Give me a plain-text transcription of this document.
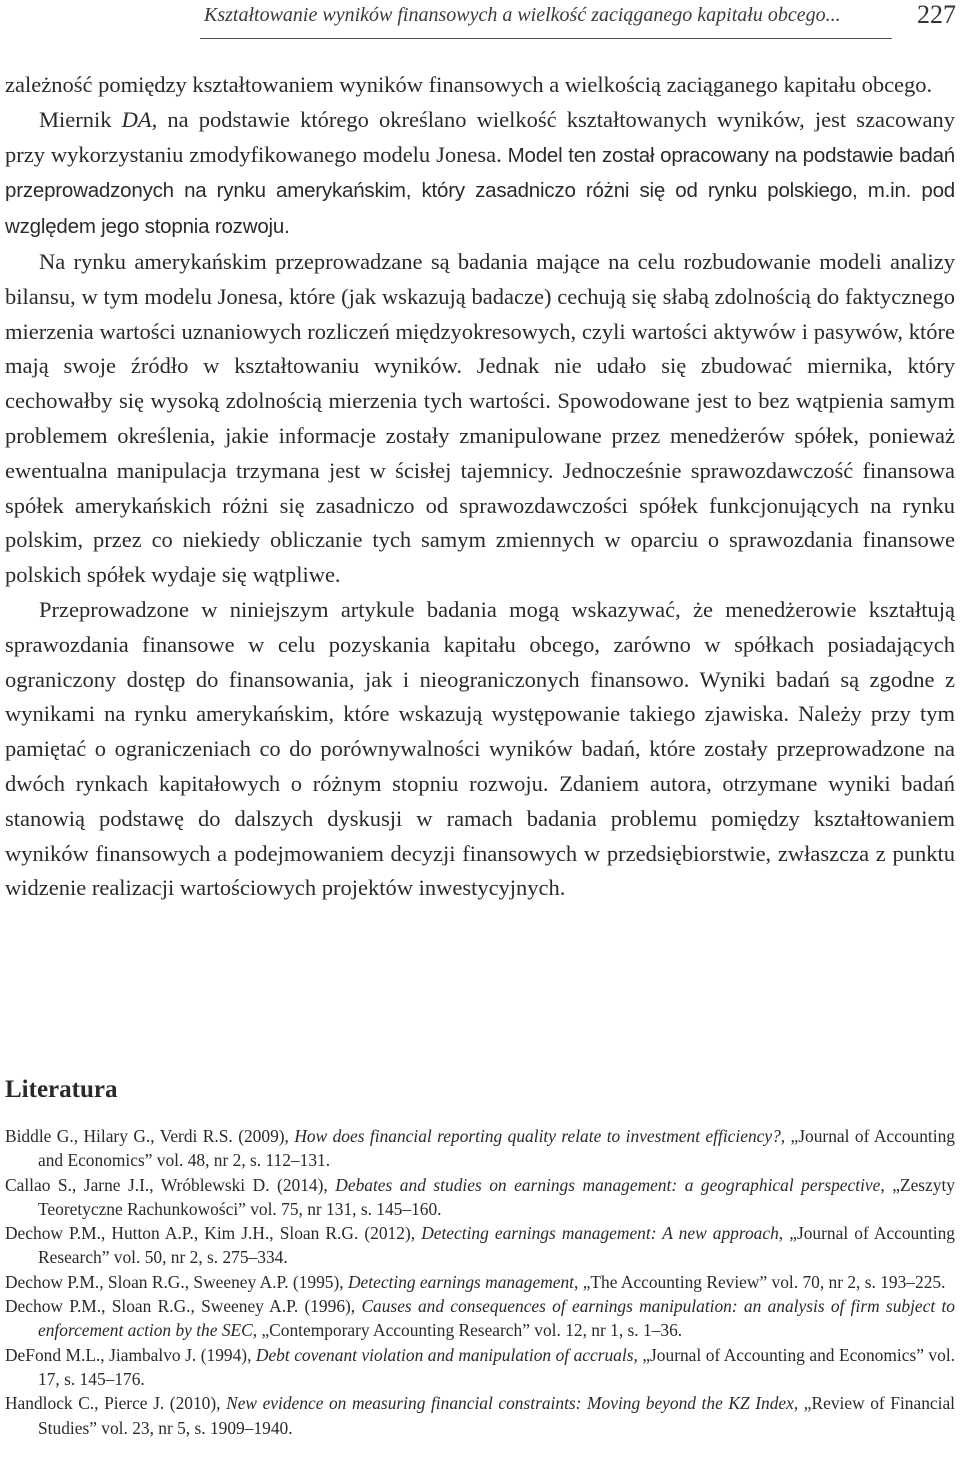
Kształtowanie wyników finansowych a wielkość zaciąganego kapitału obcego...	227

zależność pomiędzy kształtowaniem wyników finansowych a wielkością zaciąganego kapitału obcego.

Miernik DA, na podstawie którego określano wielkość kształtowanych wyników, jest szacowany przy wykorzystaniu zmodyfikowanego modelu Jonesa. Model ten został opracowany na podstawie badań przeprowadzonych na rynku amerykańskim, który zasadniczo różni się od rynku polskiego, m.in. pod względem jego stopnia rozwoju.

Na rynku amerykańskim przeprowadzane są badania mające na celu rozbudowanie modeli analizy bilansu, w tym modelu Jonesa, które (jak wskazują badacze) cechują się słabą zdolnością do faktycznego mierzenia wartości uznaniowych rozliczeń międzyokresowych, czyli wartości aktywów i pasywów, które mają swoje źródło w kształtowaniu wyników. Jednak nie udało się zbudować miernika, który cechowałby się wysoką zdolnością mierzenia tych wartości. Spowodowane jest to bez wątpienia samym problemem określenia, jakie informacje zostały zmanipulowane przez menedżerów spółek, ponieważ ewentualna manipulacja trzymana jest w ścisłej tajemnicy. Jednocześnie sprawozdawczość finansowa spółek amerykańskich różni się zasadniczo od sprawozdawczości spółek funkcjonujących na rynku polskim, przez co niekiedy obliczanie tych samym zmiennych w oparciu o sprawozdania finansowe polskich spółek wydaje się wątpliwe.

Przeprowadzone w niniejszym artykule badania mogą wskazywać, że menedżerowie kształtują sprawozdania finansowe w celu pozyskania kapitału obcego, zarówno w spółkach posiadających ograniczony dostęp do finansowania, jak i nieograniczonych finansowo. Wyniki badań są zgodne z wynikami na rynku amerykańskim, które wskazują występowanie takiego zjawiska. Należy przy tym pamiętać o ograniczeniach co do porównywalności wyników badań, które zostały przeprowadzone na dwóch rynkach kapitałowych o różnym stopniu rozwoju. Zdaniem autora, otrzymane wyniki badań stanowią podstawę do dalszych dyskusji w ramach badania problemu pomiędzy kształtowaniem wyników finansowych a podejmowaniem decyzji finansowych w przedsiębiorstwie, zwłaszcza z punktu widzenie realizacji wartościowych projektów inwestycyjnych.

Literatura

Biddle G., Hilary G., Verdi R.S. (2009), How does financial reporting quality relate to investment efficiency?, „Journal of Accounting and Economics” vol. 48, nr 2, s. 112–131.

Callao S., Jarne J.I., Wróblewski D. (2014), Debates and studies on earnings management: a geographical perspective, „Zeszyty Teoretyczne Rachunkowości” vol. 75, nr 131, s. 145–160.

Dechow P.M., Hutton A.P., Kim J.H., Sloan R.G. (2012), Detecting earnings management: A new approach, „Journal of Accounting Research” vol. 50, nr 2, s. 275–334.

Dechow P.M., Sloan R.G., Sweeney A.P. (1995), Detecting earnings management, „The Accounting Review” vol. 70, nr 2, s. 193–225.

Dechow P.M., Sloan R.G., Sweeney A.P. (1996), Causes and consequences of earnings manipulation: an analysis of firm subject to enforcement action by the SEC, „Contemporary Accounting Research” vol. 12, nr 1, s. 1–36.

DeFond M.L., Jiambalvo J. (1994), Debt covenant violation and manipulation of accruals, „Journal of Accounting and Economics” vol. 17, s. 145–176.

Handlock C., Pierce J. (2010), New evidence on measuring financial constraints: Moving beyond the KZ Index, „Review of Financial Studies” vol. 23, nr 5, s. 1909–1940.
